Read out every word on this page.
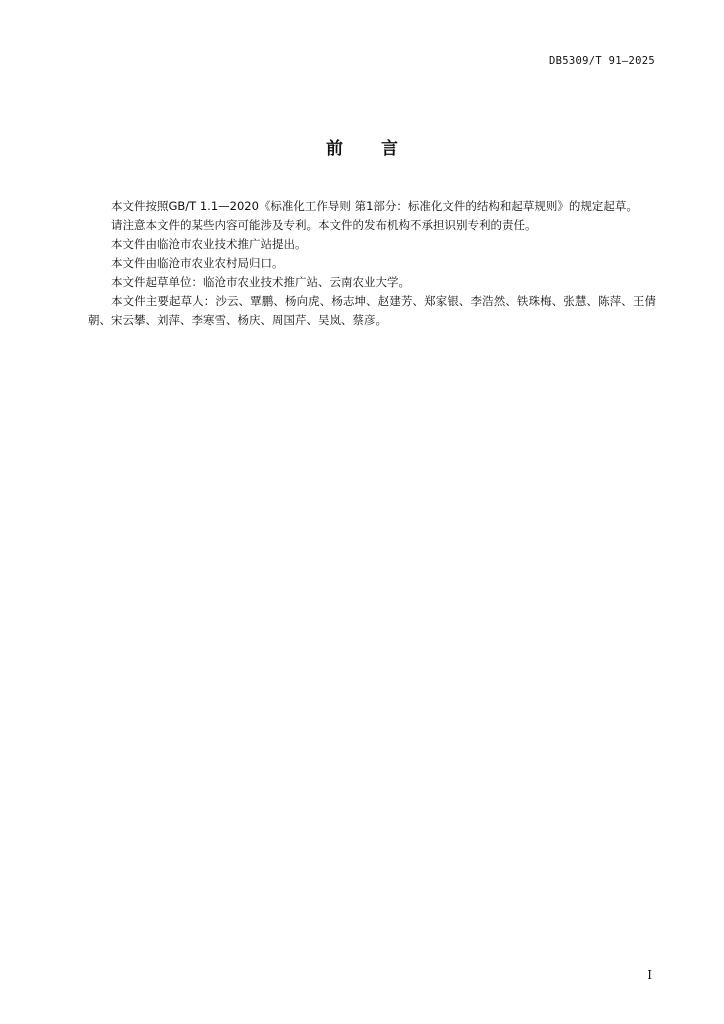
DB5309/T 91—2025
前 言

本文件按照GB/T 1.1—2020《标准化工作导则 第1部分：标准化文件的结构和起草规则》的规定起草。

请注意本文件的某些内容可能涉及专利。本文件的发布机构不承担识别专利的责任。

本文件由临沧市农业技术推广站提出。

本文件由临沧市农业农村局归口。

本文件起草单位：临沧市农业技术推广站、云南农业大学。

本文件主要起草人：沙云、覃鹏、杨向虎、杨志坤、赵建芳、郑家银、李浩然、铁珠梅、张慧、陈萍、王倩朝、宋云攀、刘萍、李寒雪、杨庆、周国芹、吴岚、蔡彦。

I
